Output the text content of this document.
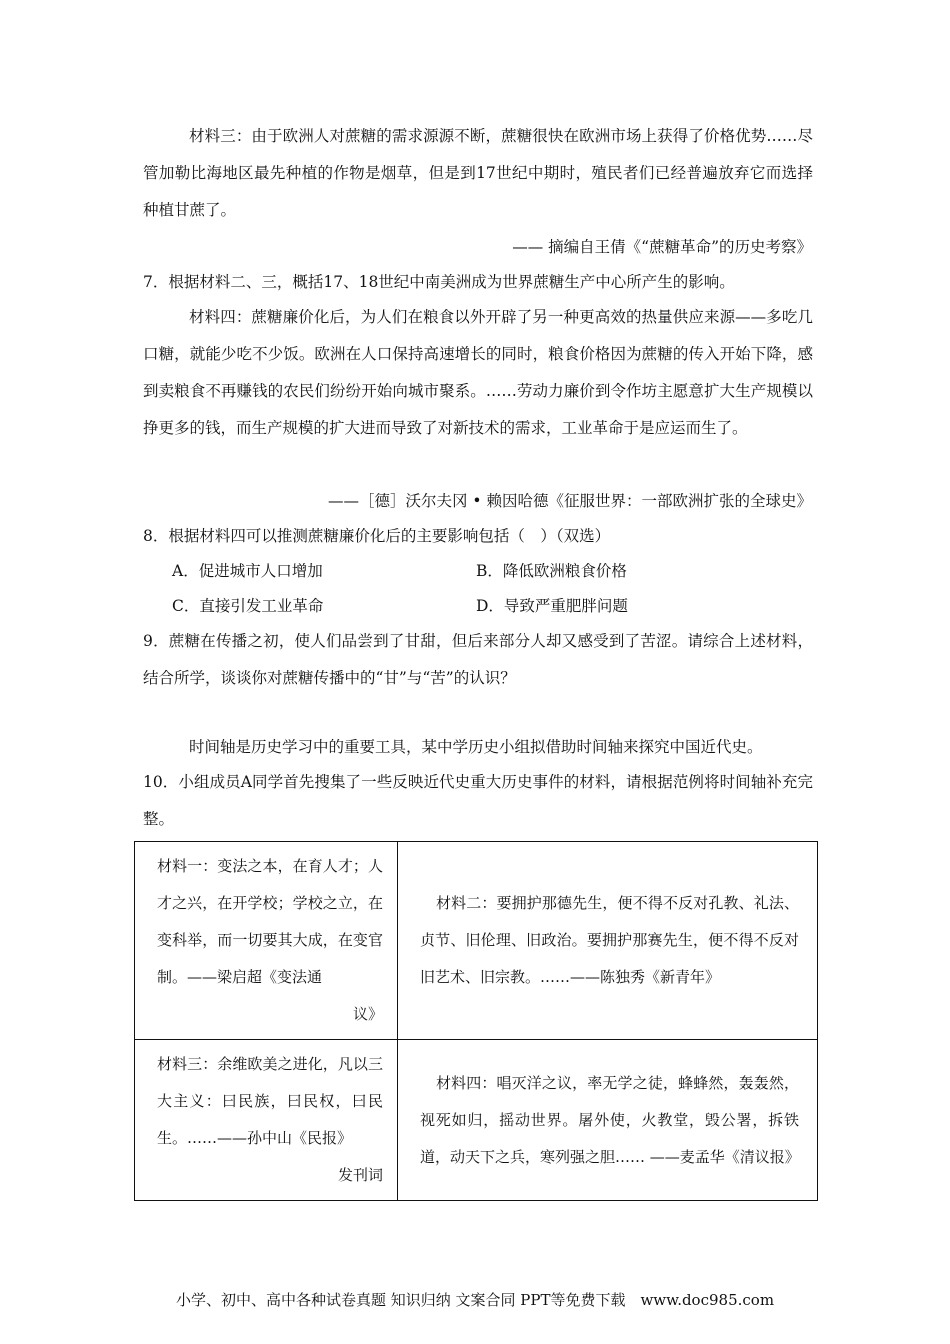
材料三：由于欧洲人对蔗糖的需求源源不断，蔗糖很快在欧洲市场上获得了价格优势……尽管加勒比海地区最先种植的作物是烟草，但是到17世纪中期时，殖民者们已经普遍放弃它而选择种植甘蔗了。

—— 摘编自王倩《“蔗糖革命”的历史考察》

7．根据材料二、三，概括17、18世纪中南美洲成为世界蔗糖生产中心所产生的影响。

材料四：蔗糖廉价化后，为人们在粮食以外开辟了另一种更高效的热量供应来源——多吃几口糖，就能少吃不少饭。欧洲在人口保持高速增长的同时，粮食价格因为蔗糖的传入开始下降，感到卖粮食不再赚钱的农民们纷纷开始向城市聚系。……劳动力廉价到令作坊主愿意扩大生产规模以挣更多的钱，而生产规模的扩大进而导致了对新技术的需求，工业革命于是应运而生了。

——［德］沃尔夫冈 • 赖因哈德《征服世界：一部欧洲扩张的全球史》

8．根据材料四可以推测蔗糖廉价化后的主要影响包括（　）（双选）

A．促进城市人口增加	B．降低欧洲粮食价格

C．直接引发工业革命	D．导致严重肥胖问题

9．蔗糖在传播之初，使人们品尝到了甘甜，但后来部分人却又感受到了苦涩。请综合上述材料，结合所学，谈谈你对蔗糖传播中的“甘”与“苦”的认识？

时间轴是历史学习中的重要工具，某中学历史小组拟借助时间轴来探究中国近代史。

10．小组成员A同学首先搜集了一些反映近代史重大历史事件的材料，请根据范例将时间轴补充完整。

材料一：变法之本，在育人才；人才之兴，在开学校；学校之立，在变科举，而一切要其大成，在变官制。——梁启超《变法通
议》	材料二：要拥护那德先生，便不得不反对孔教、礼法、贞节、旧伦理、旧政治。要拥护那赛先生，便不得不反对旧艺术、旧宗教。……——陈独秀《新青年》

材料三：余维欧美之进化，凡以三大主义：曰民族，曰民权，曰民生。……——孙中山《民报》
发刊词	材料四：唱灭洋之议，率无学之徒，蜂蜂然，轰轰然，视死如归，摇动世界。屠外使，火教堂，毁公署，拆铁道，动天下之兵，寒列强之胆…… ——麦孟华《清议报》
小学、初中、高中各种试卷真题 知识归纳 文案合同 PPT等免费下载　www.doc985.com
